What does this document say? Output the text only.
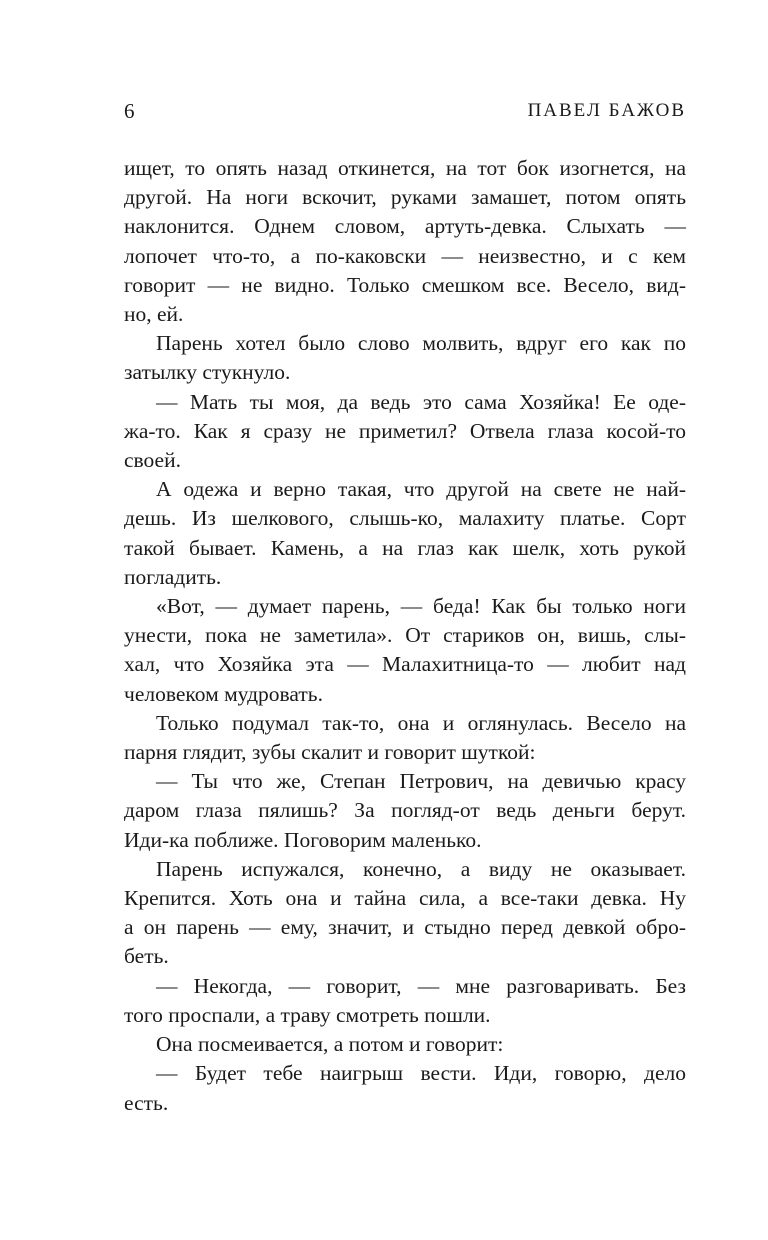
6	ПАВЕЛ БАЖОВ

ищет, то опять назад откинется, на тот бок изогнется, на
другой. На ноги вскочит, руками замашет, потом опять
наклонится. Однем словом, артуть-девка. Слыхать —
лопочет что-то, а по-каковски — неизвестно, и с кем
говорит — не видно. Только смешком все. Весело, вид-
но, ей.

Парень хотел было слово молвить, вдруг его как по
затылку стукнуло.

— Мать ты моя, да ведь это сама Хозяйка! Ее оде-
жа-то. Как я сразу не приметил? Отвела глаза косой-то
своей.

А одежа и верно такая, что другой на свете не най-
дешь. Из шелкового, слышь-ко, малахиту платье. Сорт
такой бывает. Камень, а на глаз как шелк, хоть рукой
погладить.

«Вот, — думает парень, — беда! Как бы только ноги
унести, пока не заметила». От стариков он, вишь, слы-
хал, что Хозяйка эта — Малахитница-то — любит над
человеком мудровать.

Только подумал так-то, она и оглянулась. Весело на
парня глядит, зубы скалит и говорит шуткой:

— Ты что же, Степан Петрович, на девичью красу
даром глаза пялишь? За погляд-от ведь деньги берут.
Иди-ка поближе. Поговорим маленько.

Парень испужался, конечно, а виду не оказывает.
Крепится. Хоть она и тайна сила, а все-таки девка. Ну
а он парень — ему, значит, и стыдно перед девкой обро-
беть.

— Некогда, — говорит, — мне разговаривать. Без
того проспали, а траву смотреть пошли.

Она посмеивается, а потом и говорит:

— Будет тебе наигрыш вести. Иди, говорю, дело
есть.
